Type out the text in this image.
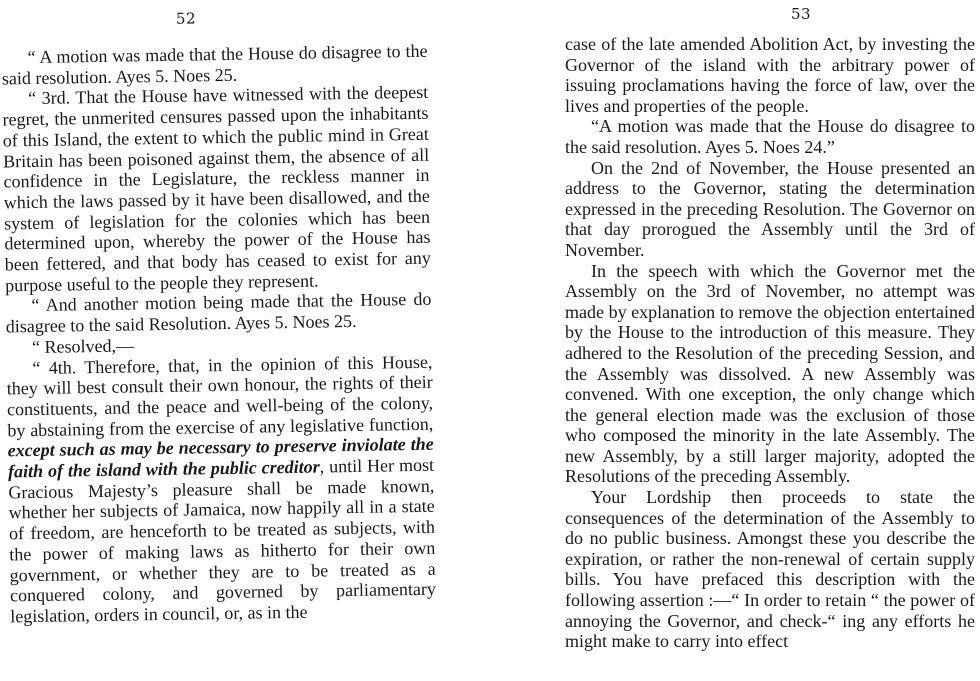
52

“ A motion was made that the House do disagree to the said resolution. Ayes 5. Noes 25.

“ 3rd. That the House have witnessed with the deepest regret, the unmerited censures passed upon the inhabitants of this Island, the extent to which the public mind in Great Britain has been poisoned against them, the absence of all confidence in the Legislature, the reckless manner in which the laws passed by it have been disallowed, and the system of legislation for the colonies which has been determined upon, whereby the power of the House has been fettered, and that body has ceased to exist for any purpose useful to the people they represent.

“ And another motion being made that the House do disagree to the said Resolution. Ayes 5. Noes 25.

“ Resolved,—

“ 4th. Therefore, that, in the opinion of this House, they will best consult their own honour, the rights of their constituents, and the peace and well-being of the colony, by abstaining from the exercise of any legislative function, except such as may be necessary to preserve inviolate the faith of the island with the public creditor, until Her most Gracious Majesty’s pleasure shall be made known, whether her subjects of Jamaica, now happily all in a state of freedom, are henceforth to be treated as subjects, with the power of making laws as hitherto for their own government, or whether they are to be treated as a conquered colony, and governed by parliamentary legislation, orders in council, or, as in the

53

case of the late amended Abolition Act, by investing the Governor of the island with the arbitrary power of issuing proclamations having the force of law, over the lives and properties of the people.

“A motion was made that the House do disagree to the said resolution. Ayes 5. Noes 24.”

On the 2nd of November, the House presented an address to the Governor, stating the determination expressed in the preceding Resolution. The Governor on that day prorogued the Assembly until the 3rd of November.

In the speech with which the Governor met the Assembly on the 3rd of November, no attempt was made by explanation to remove the objection entertained by the House to the introduction of this measure. They adhered to the Resolution of the preceding Session, and the Assembly was dissolved. A new Assembly was convened. With one exception, the only change which the general election made was the exclusion of those who composed the minority in the late Assembly. The new Assembly, by a still larger majority, adopted the Resolutions of the preceding Assembly.

Your Lordship then proceeds to state the consequences of the determination of the Assembly to do no public business. Amongst these you describe the expiration, or rather the non-renewal of certain supply bills. You have prefaced this description with the following assertion :—“ In order to retain “ the power of annoying the Governor, and check-“ ing any efforts he might make to carry into effect
